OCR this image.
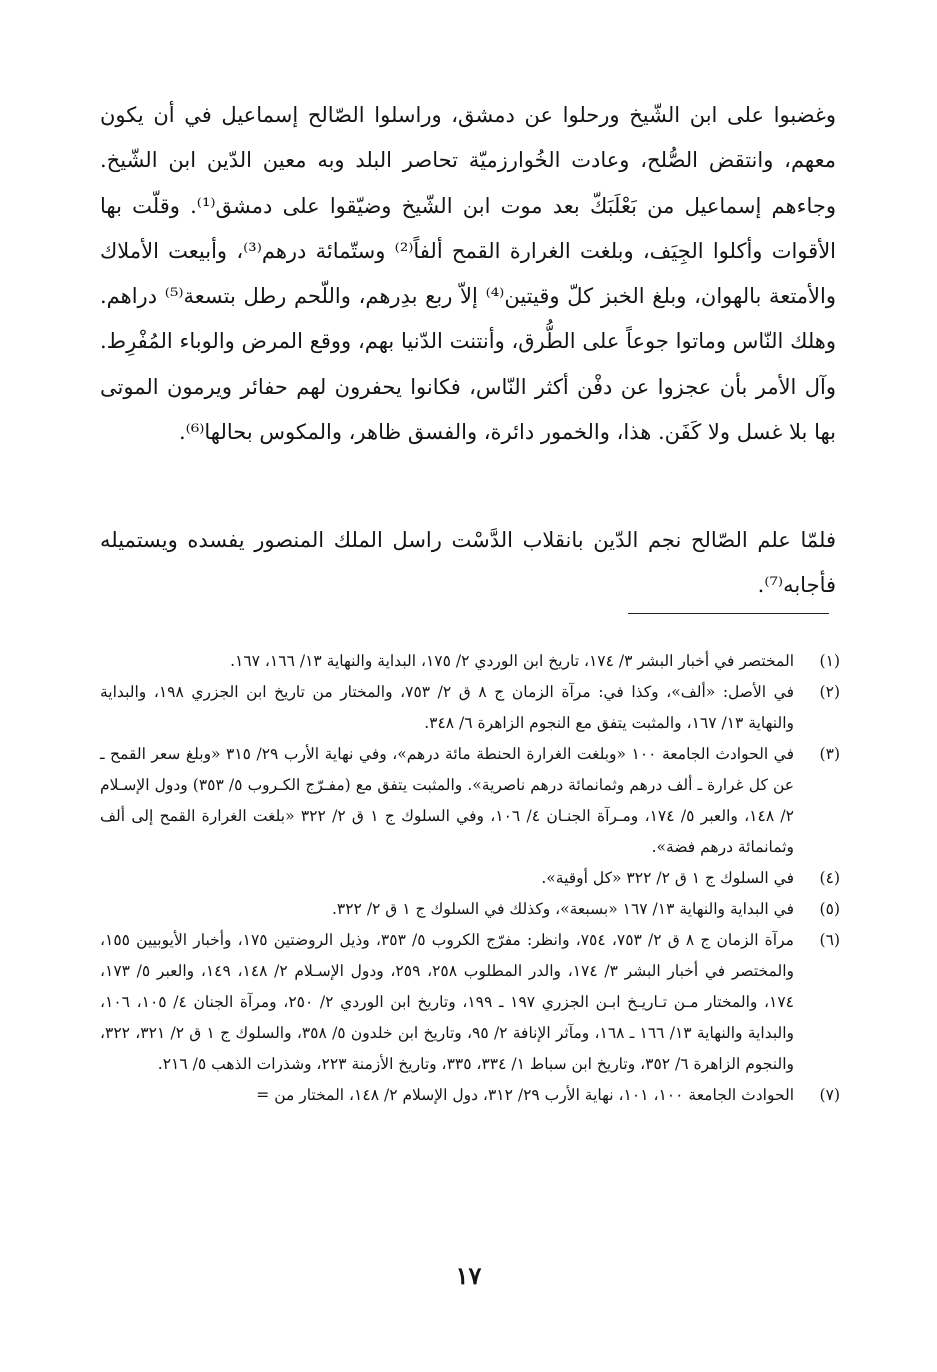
وغضبوا على ابن الشّيخ ورحلوا عن دمشق، وراسلوا الصّالح إسماعيل في أن يكون معهم، وانتقض الصُّلح، وعادت الخُوارزميّة تحاصر البلد وبه معين الدّين ابن الشّيخ. وجاءهم إسماعيل من بَعْلَبَكّ بعد موت ابن الشّيخ وضيّقوا على دمشق⁽¹⁾. وقلّت بها الأقوات وأكلوا الجِيَف، وبلغت الغرارة القمح ألفاً⁽²⁾ وستّمائة درهم⁽³⁾، وأبيعت الأملاك والأمتعة بالهوان، وبلغ الخبز كلّ وقيتين⁽⁴⁾ إلاّ ربع بدِرهم، واللّحم رطل بتسعة⁽⁵⁾ دراهم. وهلك النّاس وماتوا جوعاً على الطُّرق، وأنتنت الدّنيا بهم، ووقع المرض والوباء المُفْرِط. وآل الأمر بأن عجزوا عن دفْن أكثر النّاس، فكانوا يحفرون لهم حفائر ويرمون الموتى بها بلا غسل ولا كَفَن. هذا، والخمور دائرة، والفسق ظاهر، والمكوس بحالها⁽⁶⁾.

فلمّا علم الصّالح نجم الدّين بانقلاب الدَّسْت راسل الملك المنصور يفسده ويستميله فأجابه⁽⁷⁾.

(١)
المختصر في أخبار البشر ٣/ ١٧٤، تاريخ ابن الوردي ٢/ ١٧٥، البداية والنهاية ١٣/ ١٦٦، ١٦٧.
(٢)
في الأصل: «ألف»، وكذا في: مرآة الزمان ج ٨ ق ٢/ ٧٥٣، والمختار من تاريخ ابن الجزري ١٩٨، والبداية والنهاية ١٣/ ١٦٧، والمثبت يتفق مع النجوم الزاهرة ٦/ ٣٤٨.
(٣)
في الحوادث الجامعة ١٠٠ «وبلغت الغرارة الحنطة مائة درهم»، وفي نهاية الأرب ٢٩/ ٣١٥ «وبلغ سعر القمح ـ عن كل غرارة ـ ألف درهم وثمانمائة درهم ناصرية». والمثبت يتفق مع (مفـرّج الكـروب ٥/ ٣٥٣) ودول الإسـلام ٢/ ١٤٨، والعبر ٥/ ١٧٤، ومـرآة الجنـان ٤/ ١٠٦، وفي السلوك ج ١ ق ٢/ ٣٢٢ «بلغت الغرارة القمح إلى ألف وثمانمائة درهم فضة».
(٤)
في السلوك ج ١ ق ٢/ ٣٢٢ «كل أوقية».
(٥)
في البداية والنهاية ١٣/ ١٦٧ «بسبعة»، وكذلك في السلوك ج ١ ق ٢/ ٣٢٢.
(٦)
مرآة الزمان ج ٨ ق ٢/ ٧٥٣، ٧٥٤، وانظر: مفرّج الكروب ٥/ ٣٥٣، وذيل الروضتين ١٧٥، وأخبار الأيوبيين ١٥٥، والمختصر في أخبار البشر ٣/ ١٧٤، والدر المطلوب ٢٥٨، ٢٥٩، ودول الإسـلام ٢/ ١٤٨، ١٤٩، والعبر ٥/ ١٧٣، ١٧٤، والمختار مـن تـاريـخ ابـن الجزري ١٩٧ ـ ١٩٩، وتاريخ ابن الوردي ٢/ ٢٥٠، ومرآة الجنان ٤/ ١٠٥، ١٠٦، والبداية والنهاية ١٣/ ١٦٦ ـ ١٦٨، ومآثر الإنافة ٢/ ٩٥، وتاريخ ابن خلدون ٥/ ٣٥٨، والسلوك ج ١ ق ٢/ ٣٢١، ٣٢٢، والنجوم الزاهرة ٦/ ٣٥٢، وتاريخ ابن سباط ١/ ٣٣٤، ٣٣٥، وتاريخ الأزمنة ٢٢٣، وشذرات الذهب ٥/ ٢١٦.
(٧)
الحوادث الجامعة ١٠٠، ١٠١، نهاية الأرب ٢٩/ ٣١٢، دول الإسلام ٢/ ١٤٨، المختار من =
١٧
